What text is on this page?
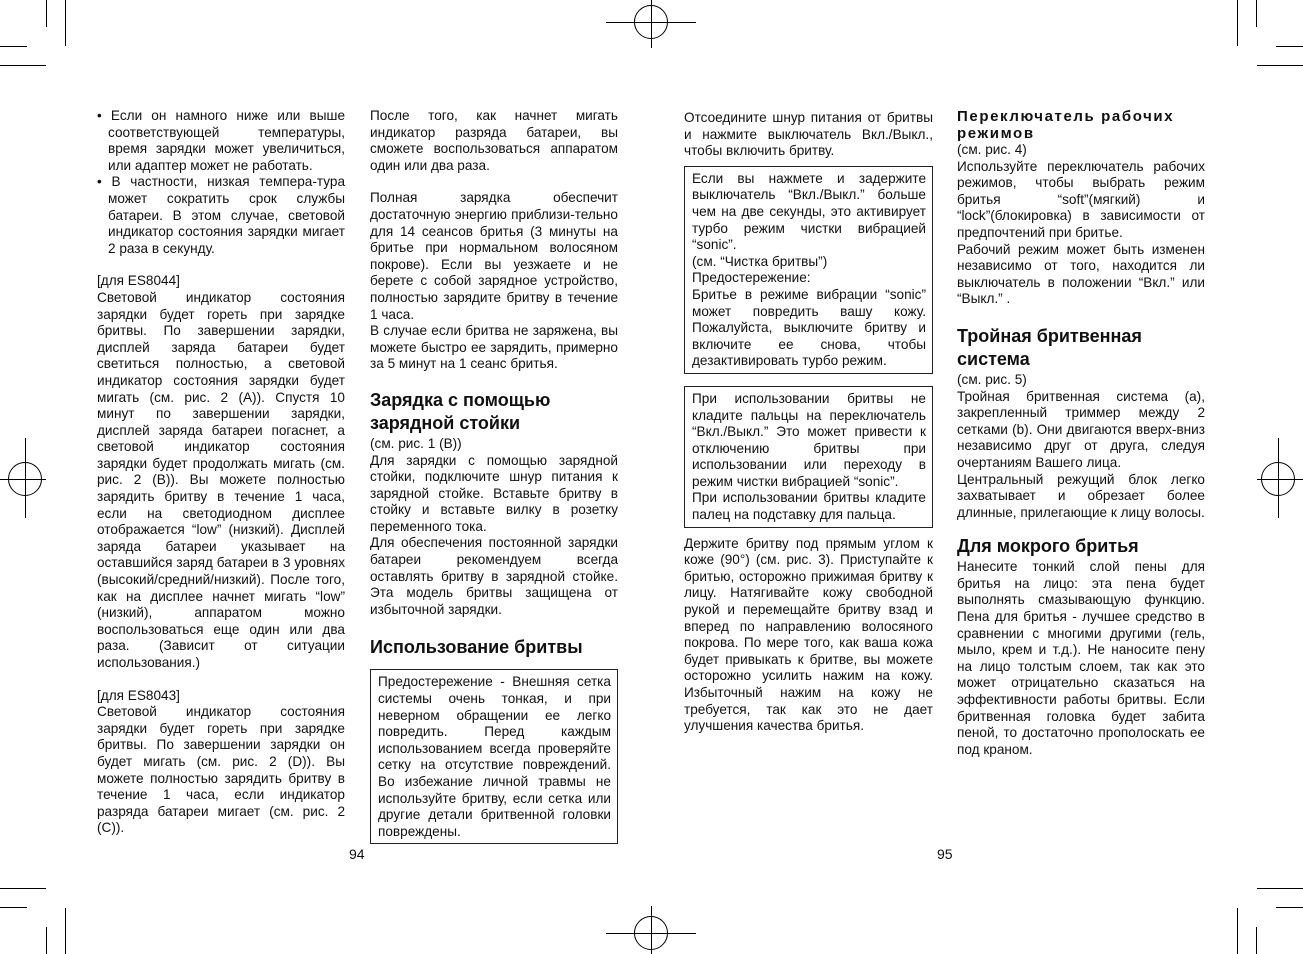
• Если он намного ниже или выше соответствующей температуры, время зарядки может увеличиться, или адаптер может не работать.

• В частности, низкая темпера-тура может сократить срок службы батареи. В этом случае, световой индикатор состояния зарядки мигает 2 раза в секунду.

[для ES8044]

Световой индикатор состояния зарядки будет гореть при зарядке бритвы. По завершении зарядки, дисплей заряда батареи будет светиться полностью, а световой индикатор состояния зарядки будет мигать (см. рис. 2 (A)). Спустя 10 минут по завершении зарядки, дисплей заряда батареи погаснет, а световой индикатор состояния зарядки будет продолжать мигать (см. рис. 2 (B)). Вы можете полностью зарядить бритву в течение 1 часа, если на светодиодном дисплее отображается “low” (низкий). Дисплей заряда батареи указывает на оставшийся заряд батареи в 3 уровнях (высокий/средний/низкий). После того, как на дисплее начнет мигать “low” (низкий), аппаратом можно воспользоваться еще один или два раза. (Зависит от ситуации использования.)

[для ES8043]

Световой индикатор состояния зарядки будет гореть при зарядке бритвы. По завершении зарядки он будет мигать (см. рис. 2 (D)). Вы можете полностью зарядить бритву в течение 1 часа, если индикатор разряда батареи мигает (см. рис. 2 (C)).

После того, как начнет мигать индикатор разряда батареи, вы сможете воспользоваться аппаратом один или два раза.

Полная зарядка обеспечит достаточную энергию приблизи-тельно для 14 сеансов бритья (3 минуты на бритье при нормальном волосяном покрове). Если вы уезжаете и не берете с собой зарядное устройство, полностью зарядите бритву в течение 1 часа.

В случае если бритва не заряжена, вы можете быстро ее зарядить, примерно за 5 минут на 1 сеанс бритья.

Зарядка с помощью зарядной стойки

(см. рис. 1 (B))

Для зарядки с помощью зарядной стойки, подключите шнур питания к зарядной стойке. Вставьте бритву в стойку и вставьте вилку в розетку переменного тока.

Для обеспечения постоянной зарядки батареи рекомендуем всегда оставлять бритву в зарядной стойке. Эта модель бритвы защищена от избыточной зарядки.

Использование бритвы

Предостережение - Внешняя сетка системы очень тонкая, и при неверном обращении ее легко повредить. Перед каждым использованием всегда проверяйте сетку на отсутствие повреждений. Во избежание личной травмы не используйте бритву, если сетка или другие детали бритвенной головки повреждены.

94

Отсоедините шнур питания от бритвы и нажмите выключатель Вкл./Выкл., чтобы включить бритву.

Если вы нажмете и задержите выключатель “Вкл./Выкл.” больше чем на две секунды, это активирует турбо режим чистки вибрацией “sonic”.

(см. “Чистка бритвы”)

Предостережение:

Бритье в режиме вибрации “sonic” может повредить вашу кожу. Пожалуйста, выключите бритву и включите ее снова, чтобы дезактивировать турбо режим.

При использовании бритвы не кладите пальцы на переключатель “Вкл./Выкл.” Это может привести к отключению бритвы при использовании или переходу в режим чистки вибрацией “sonic”.

При использовании бритвы кладите палец на подставку для пальца.

Держите бритву под прямым углом к коже (90°) (см. рис. 3). Приступайте к бритью, осторожно прижимая бритву к лицу. Натягивайте кожу свободной рукой и перемещайте бритву взад и вперед по направлению волосяного покрова. По мере того, как ваша кожа будет привыкать к бритве, вы можете осторожно усилить нажим на кожу. Избыточный нажим на кожу не требуется, так как это не дает улучшения качества бритья.

95
Переключатель рабочих режимов

(см. рис. 4)

Используйте переключатель рабочих режимов, чтобы выбрать режим бритья “soft”(мягкий) и “lock”(блокировка) в зависимости от предпочтений при бритье.

Рабочий режим может быть изменен независимо от того, находится ли выключатель в положении “Вкл.” или “Выкл.” .

Тройная бритвенная система

(см. рис. 5)

Тройная бритвенная система (а), закрепленный триммер между 2 сетками (b). Они двигаются вверх-вниз независимо друг от друга, следуя очертаниям Вашего лица.

Центральный режущий блок легко захватывает и обрезает более длинные, прилегающие к лицу волосы.

Для мокрого бритья

Нанесите тонкий слой пены для бритья на лицо: эта пена будет выполнять смазывающую функцию. Пена для бритья - лучшее средство в сравнении с многими другими (гель, мыло, крем и т.д.). Не наносите пену на лицо толстым слоем, так как это может отрицательно сказаться на эффективности работы бритвы. Если бритвенная головка будет забита пеной, то достаточно прополоскать ее под краном.
